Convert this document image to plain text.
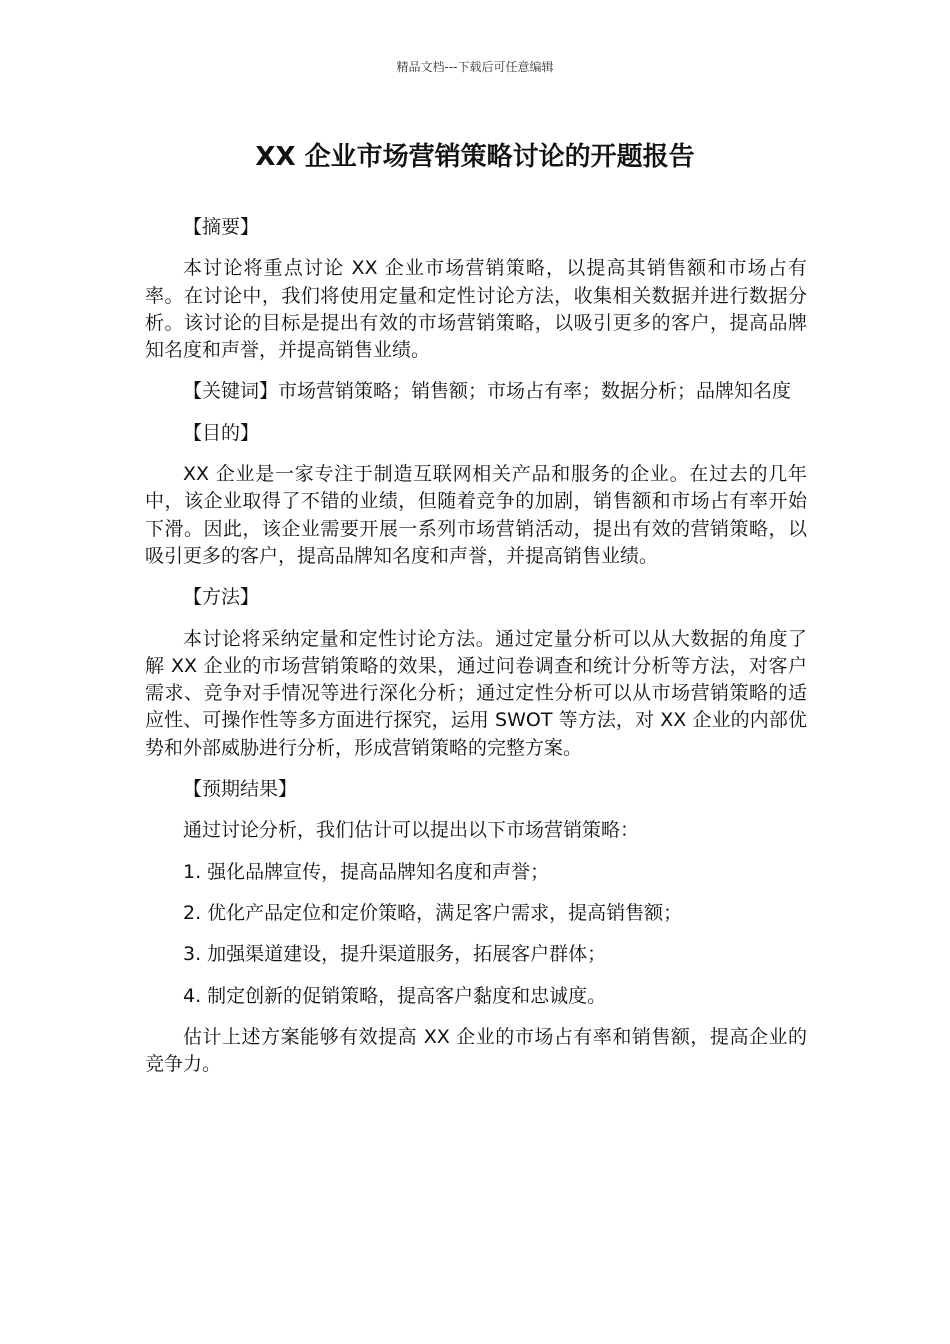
精品文档---下载后可任意编辑
XX 企业市场营销策略讨论的开题报告

【摘要】

本讨论将重点讨论 XX 企业市场营销策略，以提高其销售额和市场占有率。在讨论中，我们将使用定量和定性讨论方法，收集相关数据并进行数据分析。该讨论的目标是提出有效的市场营销策略，以吸引更多的客户，提高品牌知名度和声誉，并提高销售业绩。

【关键词】市场营销策略；销售额；市场占有率；数据分析；品牌知名度

【目的】

XX 企业是一家专注于制造互联网相关产品和服务的企业。在过去的几年中，该企业取得了不错的业绩，但随着竞争的加剧，销售额和市场占有率开始下滑。因此，该企业需要开展一系列市场营销活动，提出有效的营销策略，以吸引更多的客户，提高品牌知名度和声誉，并提高销售业绩。

【方法】

本讨论将采纳定量和定性讨论方法。通过定量分析可以从大数据的角度了解 XX 企业的市场营销策略的效果，通过问卷调查和统计分析等方法，对客户需求、竞争对手情况等进行深化分析；通过定性分析可以从市场营销策略的适应性、可操作性等多方面进行探究，运用 SWOT 等方法，对 XX 企业的内部优势和外部威胁进行分析，形成营销策略的完整方案。

【预期结果】

通过讨论分析，我们估计可以提出以下市场营销策略：

1. 强化品牌宣传，提高品牌知名度和声誉；

2. 优化产品定位和定价策略，满足客户需求，提高销售额；

3. 加强渠道建设，提升渠道服务，拓展客户群体；

4. 制定创新的促销策略，提高客户黏度和忠诚度。

估计上述方案能够有效提高 XX 企业的市场占有率和销售额，提高企业的竞争力。
